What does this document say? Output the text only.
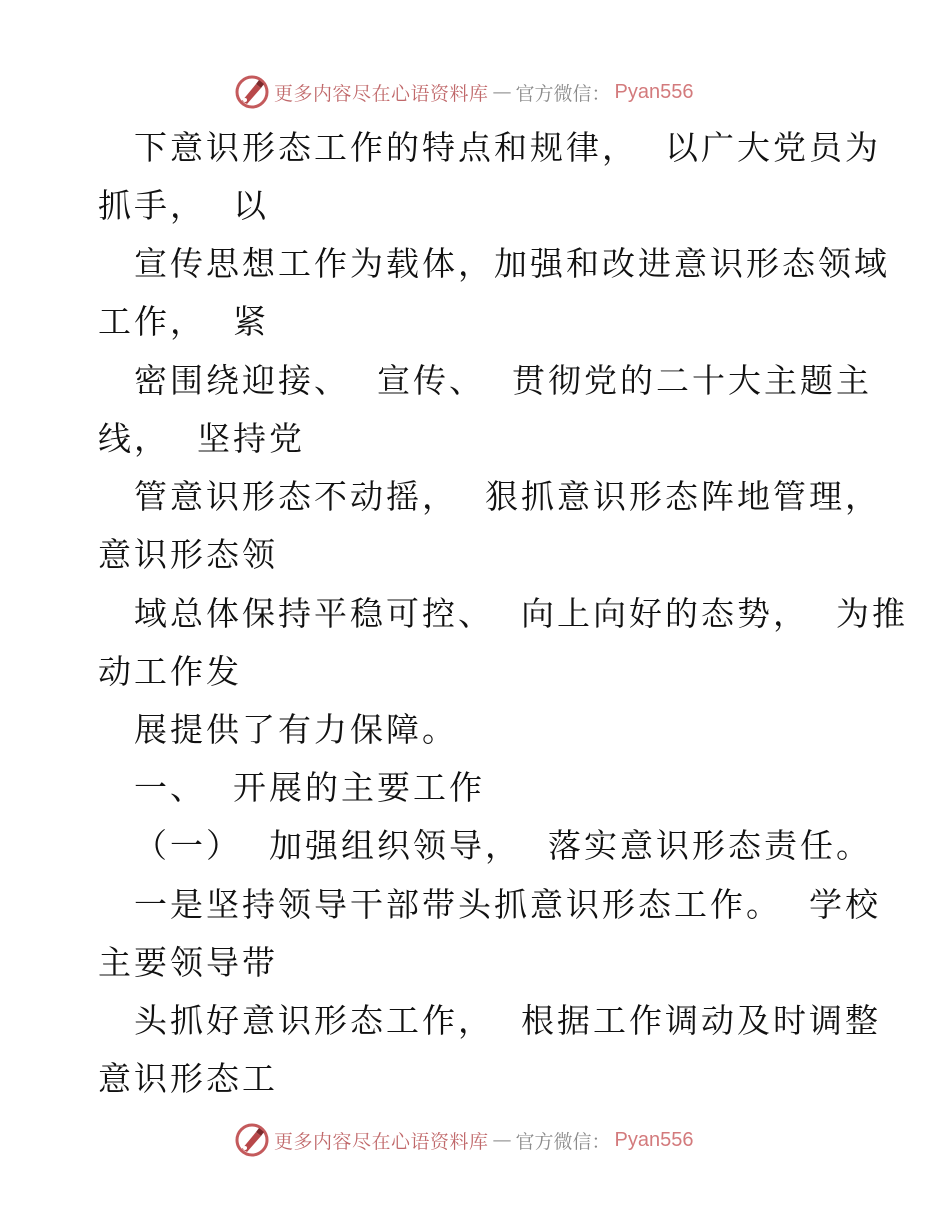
更多内容尽在心语资料库 — 官方微信： Pyan556
下意识形态工作的特点和规律，  以广大党员为
抓手，  以
宣传思想工作为载体，加强和改进意识形态领域
工作，  紧
密围绕迎接、  宣传、  贯彻党的二十大主题主
线，  坚持党
管意识形态不动摇，  狠抓意识形态阵地管理，
意识形态领
域总体保持平稳可控、  向上向好的态势，  为推
动工作发
展提供了有力保障。
一、  开展的主要工作
（一）  加强组织领导，  落实意识形态责任。
一是坚持领导干部带头抓意识形态工作。  学校
主要领导带
头抓好意识形态工作，  根据工作调动及时调整
意识形态工
更多内容尽在心语资料库 — 官方微信： Pyan556
